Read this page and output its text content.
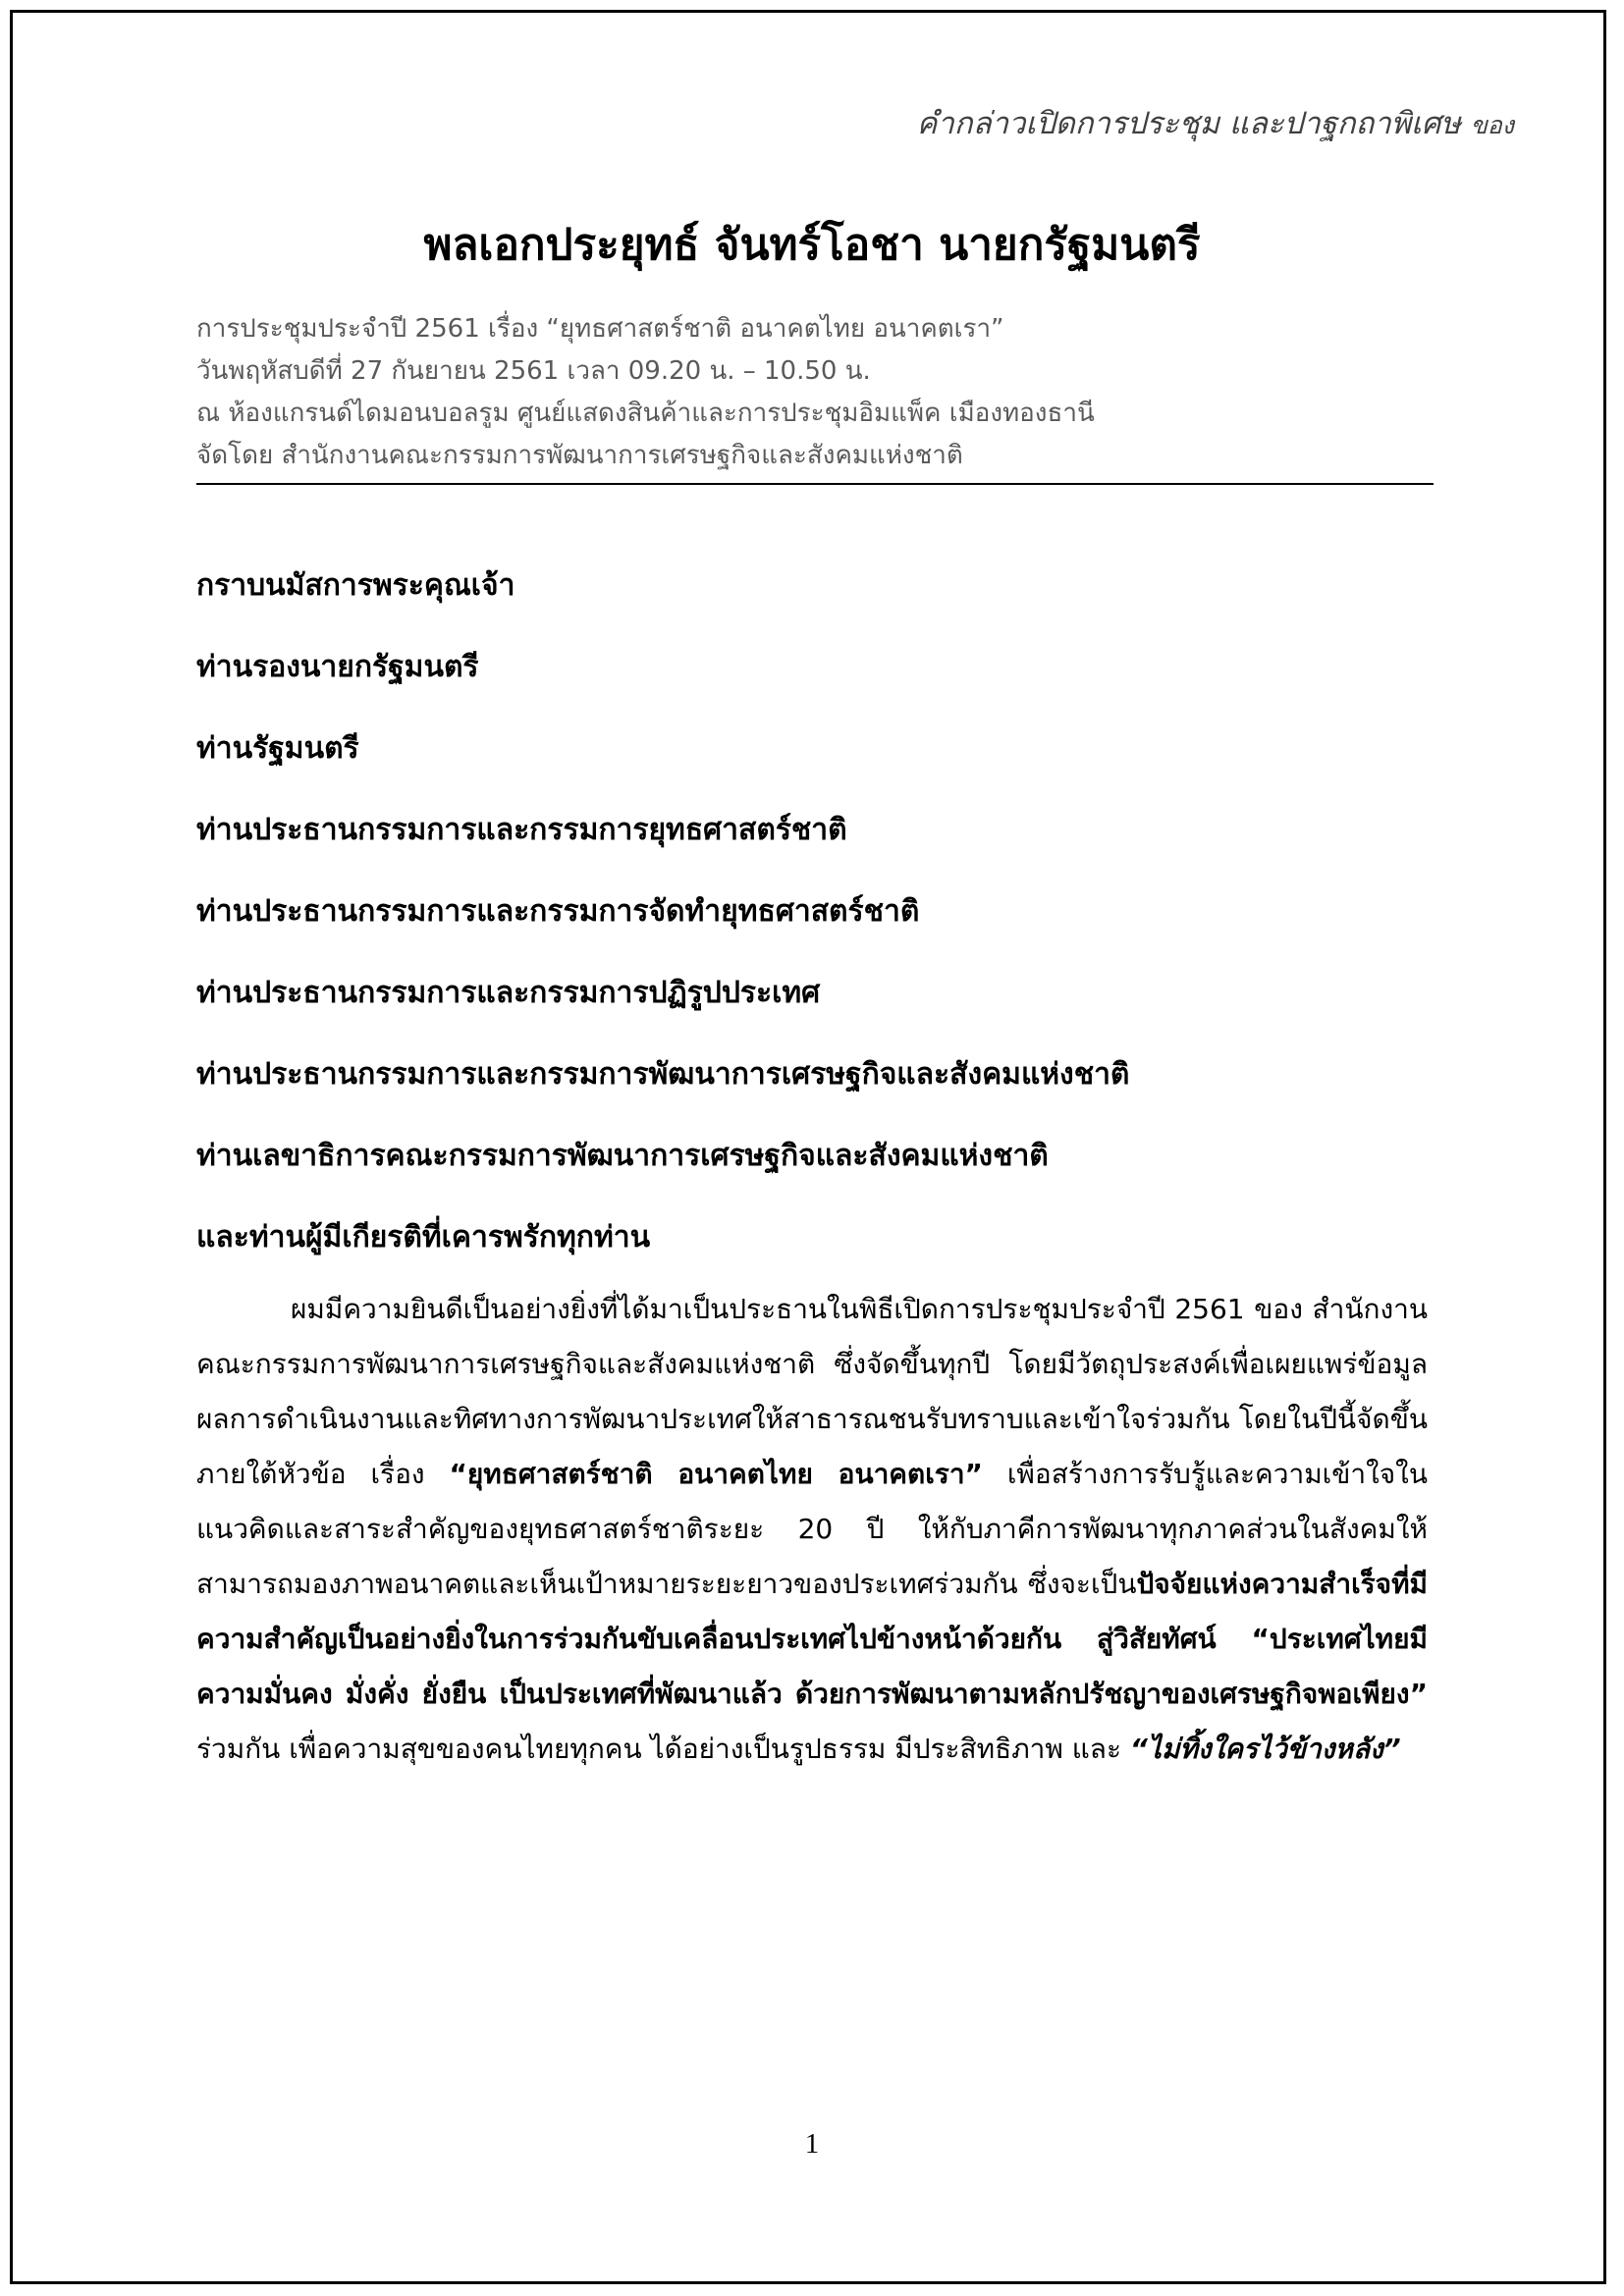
คำกล่าวเปิดการประชุม และปาฐกถาพิเศษ ของ
พลเอกประยุทธ์ จันทร์โอชา นายกรัฐมนตรี
การประชุมประจำปี 2561 เรื่อง “ยุทธศาสตร์ชาติ อนาคตไทย อนาคตเรา”
วันพฤหัสบดีที่ 27 กันยายน 2561 เวลา 09.20 น. – 10.50 น.
ณ ห้องแกรนด์ไดมอนบอลรูม ศูนย์แสดงสินค้าและการประชุมอิมแพ็ค เมืองทองธานี
จัดโดย สำนักงานคณะกรรมการพัฒนาการเศรษฐกิจและสังคมแห่งชาติ
กราบนมัสการพระคุณเจ้า
ท่านรองนายกรัฐมนตรี
ท่านรัฐมนตรี
ท่านประธานกรรมการและกรรมการยุทธศาสตร์ชาติ
ท่านประธานกรรมการและกรรมการจัดทำยุทธศาสตร์ชาติ
ท่านประธานกรรมการและกรรมการปฏิรูปประเทศ
ท่านประธานกรรมการและกรรมการพัฒนาการเศรษฐกิจและสังคมแห่งชาติ
ท่านเลขาธิการคณะกรรมการพัฒนาการเศรษฐกิจและสังคมแห่งชาติ
และท่านผู้มีเกียรติที่เคารพรักทุกท่าน

ผมมีความยินดีเป็นอย่างยิ่งที่ได้มาเป็นประธานในพิธีเปิดการประชุมประจำปี 2561 ของ สำนักงานคณะกรรมการพัฒนาการเศรษฐกิจและสังคมแห่งชาติ ซึ่งจัดขึ้นทุกปี โดยมีวัตถุประสงค์เพื่อเผยแพร่ข้อมูลผลการดำเนินงานและทิศทางการพัฒนาประเทศให้สาธารณชนรับทราบและเข้าใจร่วมกัน โดยในปีนี้จัดขึ้นภายใต้หัวข้อ เรื่อง “ยุทธศาสตร์ชาติ อนาคตไทย อนาคตเรา” เพื่อสร้างการรับรู้และความเข้าใจในแนวคิดและสาระสำคัญของยุทธศาสตร์ชาติระยะ 20 ปี ให้กับภาคีการพัฒนาทุกภาคส่วนในสังคมให้สามารถมองภาพอนาคตและเห็นเป้าหมายระยะยาวของประเทศร่วมกัน ซึ่งจะเป็นปัจจัยแห่งความสำเร็จที่มีความสำคัญเป็นอย่างยิ่งในการร่วมกันขับเคลื่อนประเทศไปข้างหน้าด้วยกัน สู่วิสัยทัศน์ “ประเทศไทยมีความมั่นคง มั่งคั่ง ยั่งยืน เป็นประเทศที่พัฒนาแล้ว ด้วยการพัฒนาตามหลักปรัชญาของเศรษฐกิจพอเพียง” ร่วมกัน เพื่อความสุขของคนไทยทุกคน ได้อย่างเป็นรูปธรรม มีประสิทธิภาพ และ “ไม่ทิ้งใครไว้ข้างหลัง”

1
